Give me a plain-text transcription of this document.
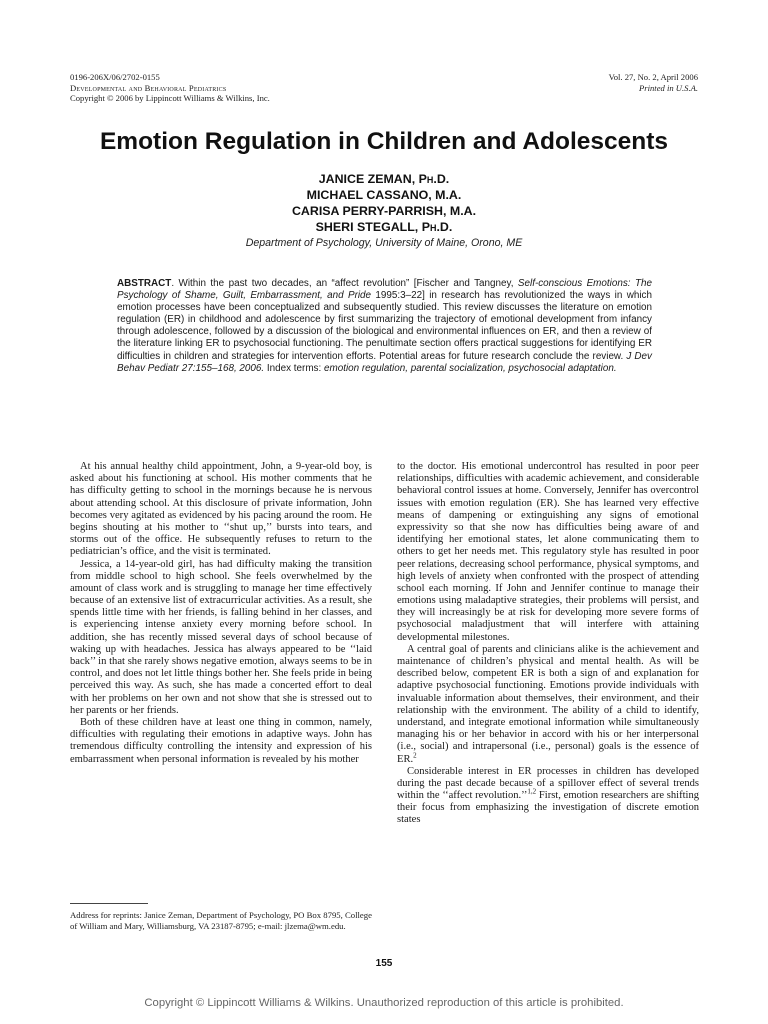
0196-206X/06/2702-0155
Developmental and Behavioral Pediatrics
Copyright © 2006 by Lippincott Williams & Wilkins, Inc.
Vol. 27, No. 2, April 2006
Printed in U.S.A.
Emotion Regulation in Children and Adolescents
JANICE ZEMAN, Ph.D.
MICHAEL CASSANO, M.A.
CARISA PERRY-PARRISH, M.A.
SHERI STEGALL, Ph.D.
Department of Psychology, University of Maine, Orono, ME
ABSTRACT. Within the past two decades, an “affect revolution” [Fischer and Tangney, Self-conscious Emotions: The Psychology of Shame, Guilt, Embarrassment, and Pride 1995:3–22] in research has revolutionized the ways in which emotion processes have been conceptualized and subsequently studied. This review discusses the literature on emotion regulation (ER) in childhood and adolescence by first summarizing the trajectory of emotional development from infancy through adolescence, followed by a discussion of the biological and environmental influences on ER, and then a review of the literature linking ER to psychosocial functioning. The penultimate section offers practical suggestions for identifying ER difficulties in children and strategies for intervention efforts. Potential areas for future research conclude the review. J Dev Behav Pediatr 27:155–168, 2006. Index terms: emotion regulation, parental socialization, psychosocial adaptation.

At his annual healthy child appointment, John, a 9-year-old boy, is asked about his functioning at school. His mother comments that he has difficulty getting to school in the mornings because he is nervous about attending school. At this disclosure of private information, John becomes very agitated as evidenced by his pacing around the room. He begins shouting at his mother to ‘‘shut up,’’ bursts into tears, and storms out of the office. He subsequently refuses to return to the pediatrician’s office, and the visit is terminated.

Jessica, a 14-year-old girl, has had difficulty making the transition from middle school to high school. She feels overwhelmed by the amount of class work and is struggling to manage her time effectively because of an extensive list of extracurricular activities. As a result, she spends little time with her friends, is falling behind in her classes, and is experiencing intense anxiety every morning before school. In addition, she has recently missed several days of school because of waking up with headaches. Jessica has always appeared to be ‘‘laid back’’ in that she rarely shows negative emotion, always seems to be in control, and does not let little things bother her. She feels pride in being perceived this way. As such, she has made a concerted effort to deal with her problems on her own and not show that she is stressed out to her parents or her friends.

Both of these children have at least one thing in common, namely, difficulties with regulating their emotions in adaptive ways. John has tremendous difficulty controlling the intensity and expression of his embarrassment when personal information is revealed by his mother

to the doctor. His emotional undercontrol has resulted in poor peer relationships, difficulties with academic achievement, and considerable behavioral control issues at home. Conversely, Jennifer has overcontrol issues with emotion regulation (ER). She has learned very effective means of dampening or extinguishing any signs of emotional expressivity so that she now has difficulties being aware of and identifying her emotional states, let alone communicating them to others to get her needs met. This regulatory style has resulted in poor peer relations, decreasing school performance, physical symptoms, and high levels of anxiety when confronted with the prospect of attending school each morning. If John and Jennifer continue to manage their emotions using maladaptive strategies, their problems will persist, and they will increasingly be at risk for developing more severe forms of psychosocial maladjustment that will interfere with attaining developmental milestones.

A central goal of parents and clinicians alike is the achievement and maintenance of children’s physical and mental health. As will be described below, competent ER is both a sign of and explanation for adaptive psychosocial functioning. Emotions provide individuals with invaluable information about themselves, their environment, and their relationship with the environment. The ability of a child to identify, understand, and integrate emotional information while simultaneously managing his or her behavior in accord with his or her interpersonal (i.e., social) and intrapersonal (i.e., personal) goals is the essence of ER.$^2$

Considerable interest in ER processes in children has developed during the past decade because of a spillover effect of several trends within the ‘‘affect revolution.’’$^{1,2}$ First, emotion researchers are shifting their focus from emphasizing the investigation of discrete emotion states

Address for reprints: Janice Zeman, Department of Psychology, PO Box 8795, College of William and Mary, Williamsburg, VA 23187-8795; e-mail: jlzema@wm.edu.
155
Copyright © Lippincott Williams & Wilkins. Unauthorized reproduction of this article is prohibited.
